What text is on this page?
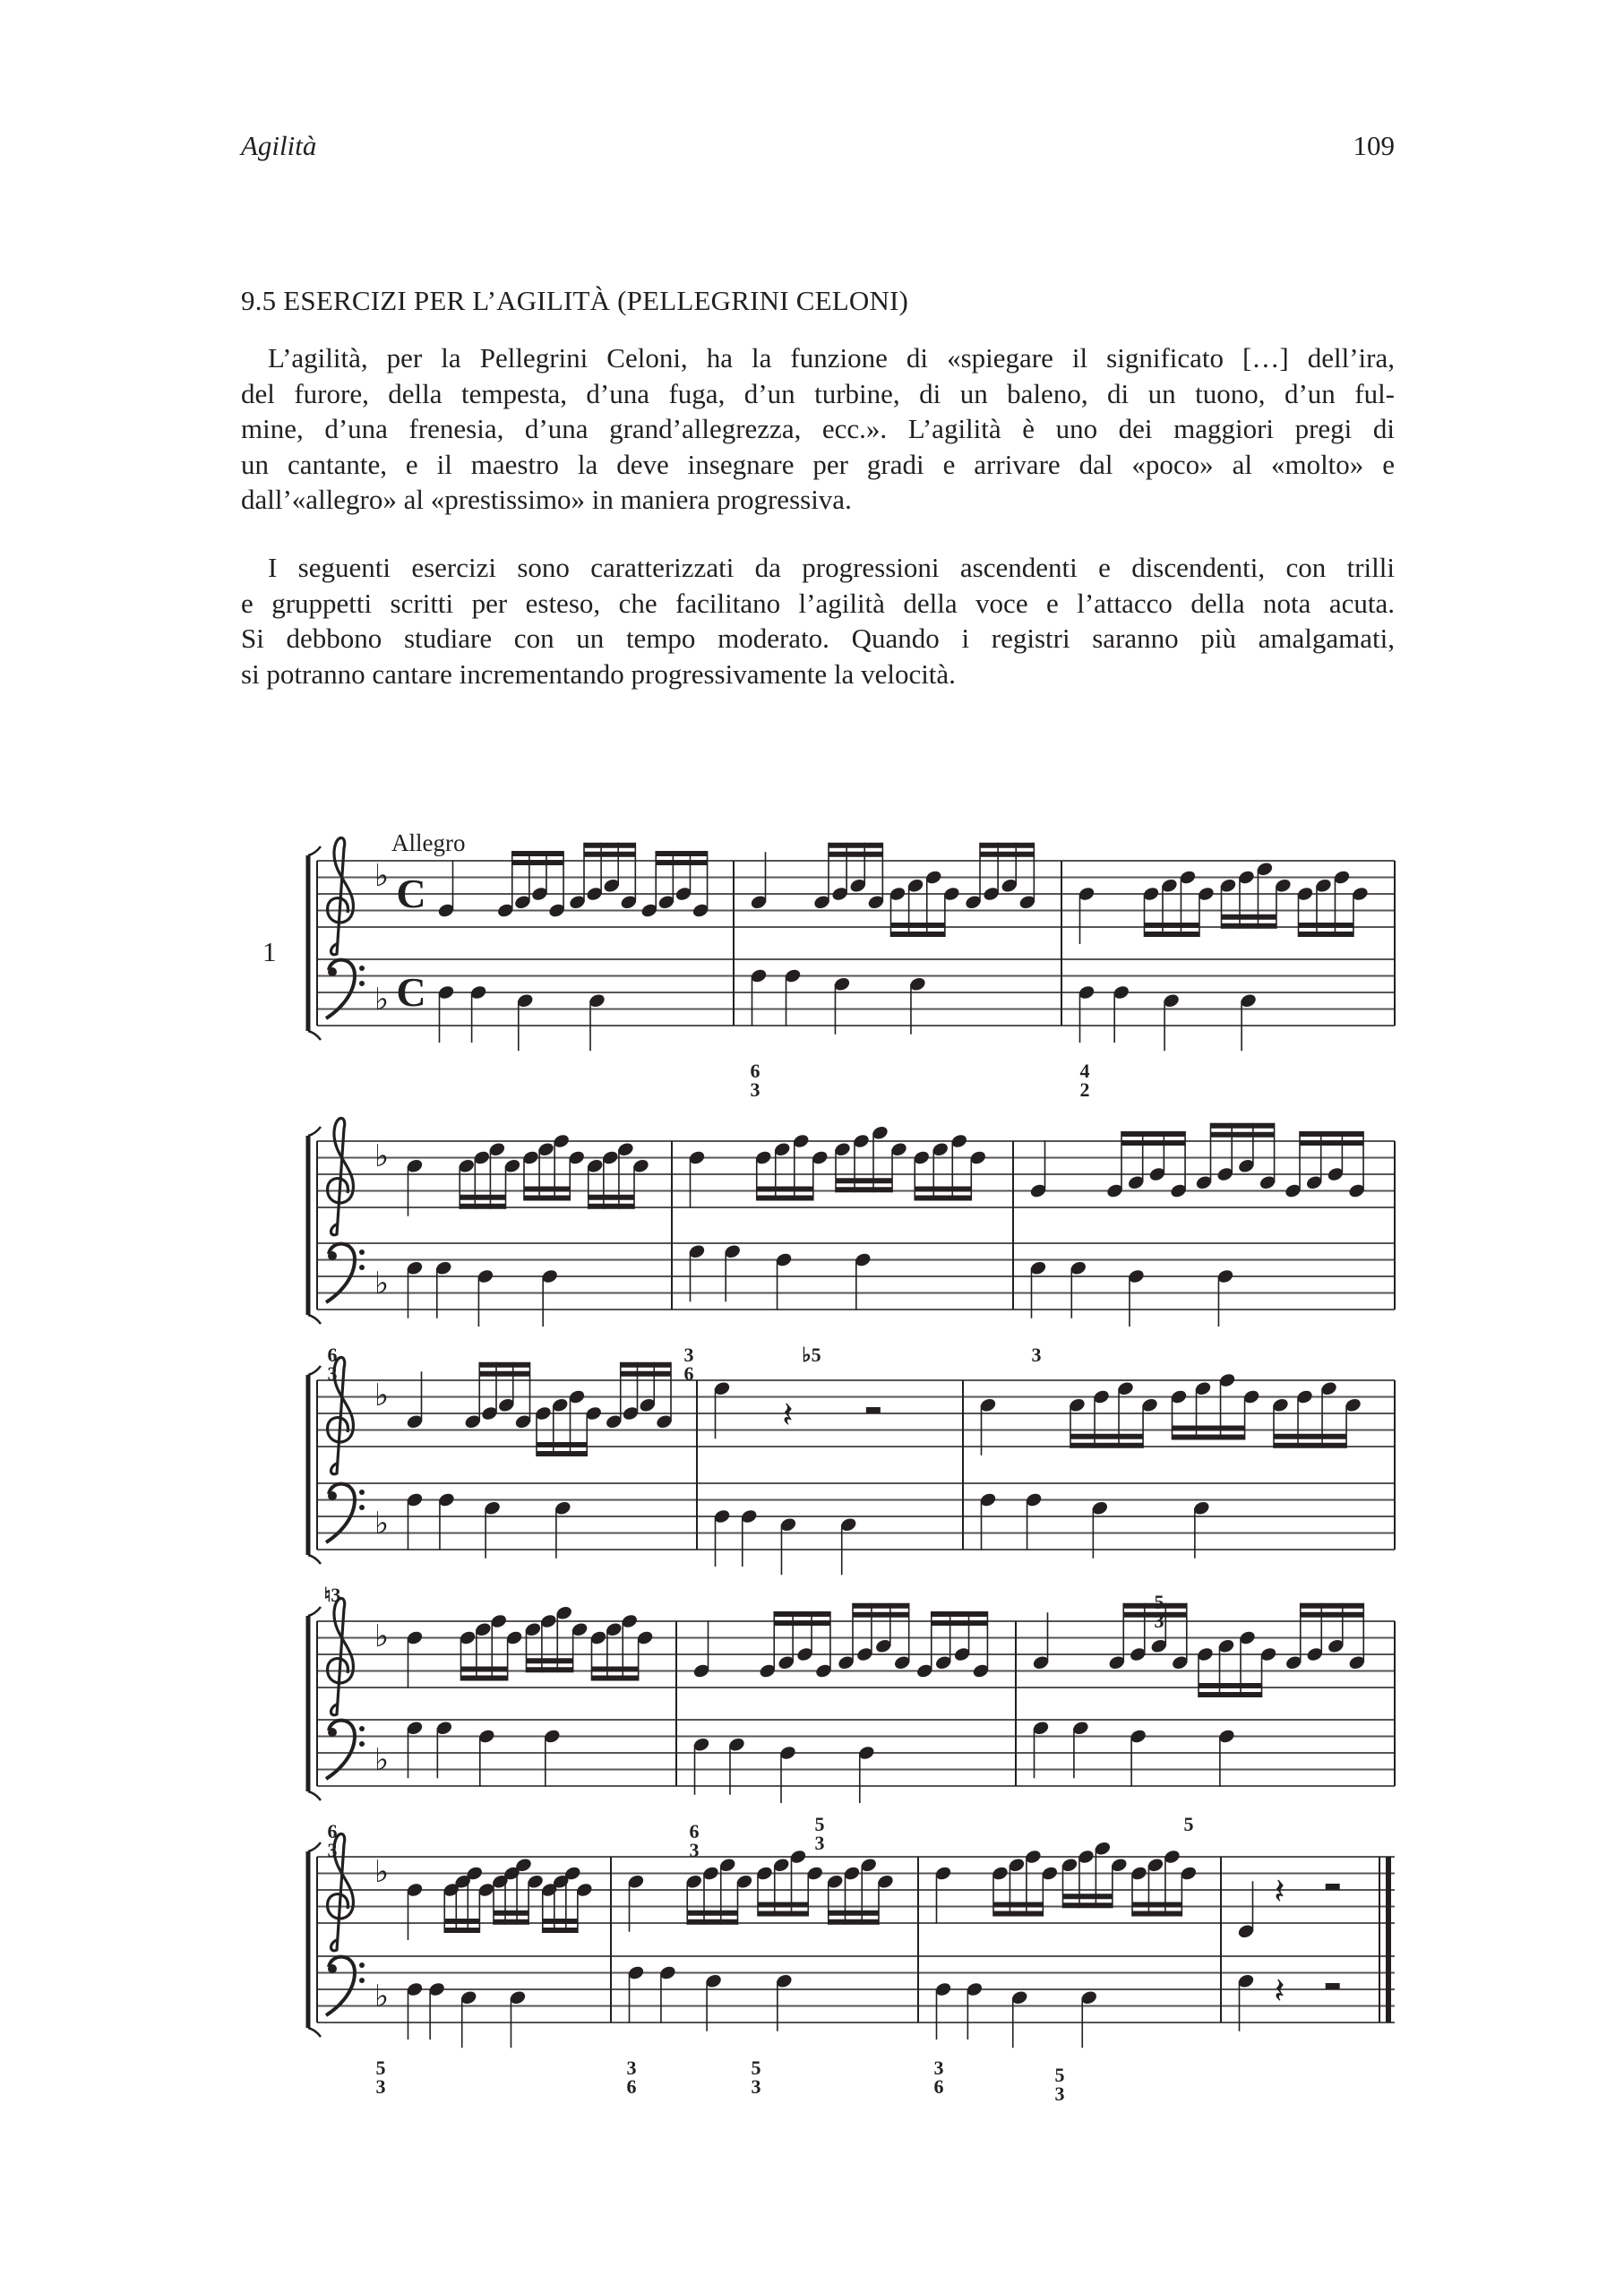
Agilità	109
9.5 ESERCIZI PER L’AGILITÀ (PELLEGRINI CELONI)
L’agilità, per la Pellegrini Celoni, ha la funzione di «spiegare il significato […] dell’ira,
del furore, della tempesta, d’una fuga, d’un turbine, di un baleno, di un tuono, d’un ful-
mine, d’una frenesia, d’una grand’allegrezza, ecc.». L’agilità è uno dei maggiori pregi di
un cantante, e il maestro la deve insegnare per gradi e arrivare dal «poco» al «molto» e
dall’«allegro» al «prestissimo» in maniera progressiva.
I seguenti esercizi sono caratterizzati da progressioni ascendenti e discendenti, con trilli
e gruppetti scritti per esteso, che facilitano l’agilità della voce e l’attacco della nota acuta.
Si debbono studiare con un tempo moderato. Quando i registri saranno più amalgamati,
si potranno cantare incrementando progressivamente la velocità.
Allegro
1
♭
♭
C
C
♭
♭
♭
♭
𝄽
♭
♭
♭
♭
𝄽
𝄽
6
3
4
2
6
3
3
6
♭5	3
♮3	5
3
6
3
6
3
5
3
5
5
3
3
6
5
3
3
6
5
3
